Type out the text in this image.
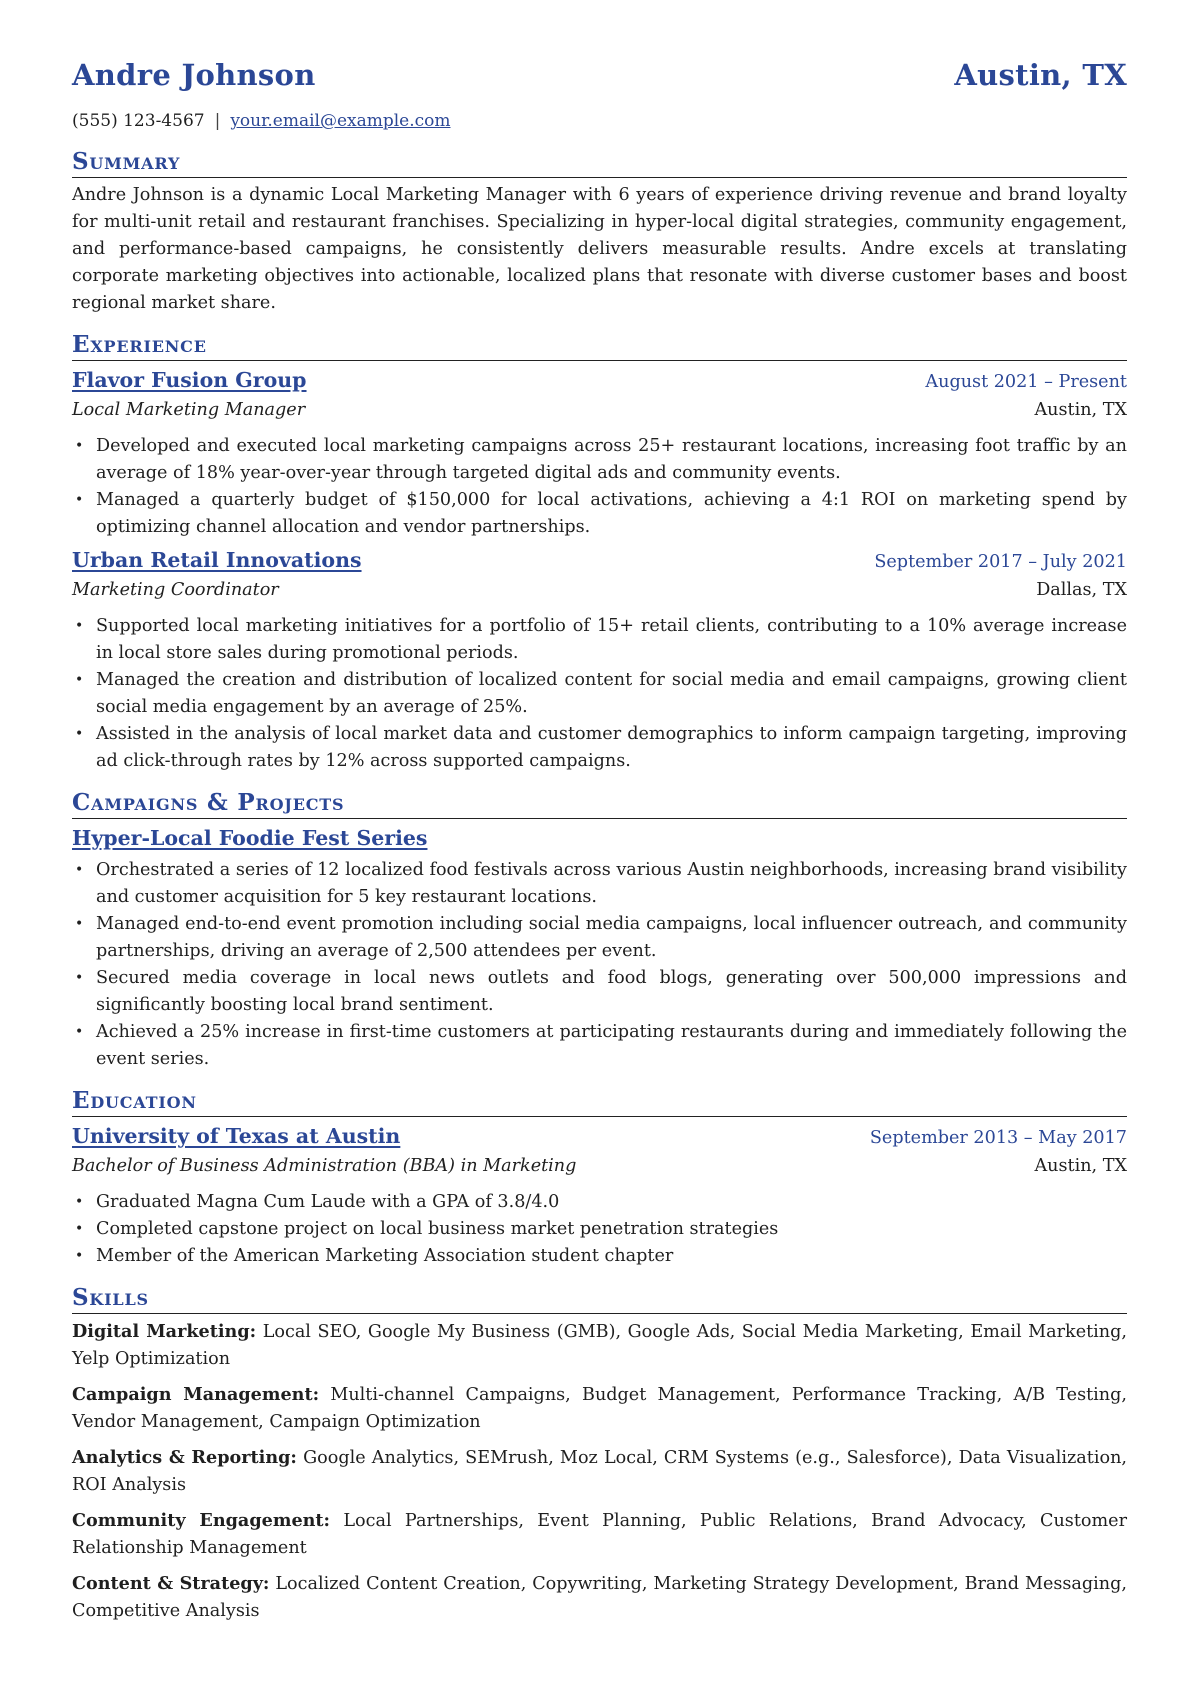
Andre Johnson	Austin, TX
(555) 123-4567 | your.email@example.com
Summary

Andre Johnson is a dynamic Local Marketing Manager with 6 years of experience driving revenue and brand loyalty for multi-unit retail and restaurant franchises. Specializing in hyper-local digital strategies, community engagement, and performance-based campaigns, he consistently delivers measurable results. Andre excels at translating corporate marketing objectives into actionable, localized plans that resonate with diverse customer bases and boost regional market share.

Experience
Flavor Fusion Group	August 2021 – Present
Local Marketing Manager	Austin, TX
• Developed and executed local marketing campaigns across 25+ restaurant locations, increasing foot traffic by an average of 18% year-over-year through targeted digital ads and community events.
• Managed a quarterly budget of $150,000 for local activations, achieving a 4:1 ROI on marketing spend by optimizing channel allocation and vendor partnerships.
Urban Retail Innovations	September 2017 – July 2021
Marketing Coordinator	Dallas, TX
• Supported local marketing initiatives for a portfolio of 15+ retail clients, contributing to a 10% average increase in local store sales during promotional periods.
• Managed the creation and distribution of localized content for social media and email campaigns, growing client social media engagement by an average of 25%.
• Assisted in the analysis of local market data and customer demographics to inform campaign targeting, improving ad click-through rates by 12% across supported campaigns.
Campaigns & Projects
Hyper-Local Foodie Fest Series
• Orchestrated a series of 12 localized food festivals across various Austin neighborhoods, increasing brand visibility and customer acquisition for 5 key restaurant locations.
• Managed end-to-end event promotion including social media campaigns, local influencer outreach, and community partnerships, driving an average of 2,500 attendees per event.
• Secured media coverage in local news outlets and food blogs, generating over 500,000 impressions and significantly boosting local brand sentiment.
• Achieved a 25% increase in first-time customers at participating restaurants during and immediately following the event series.
Education
University of Texas at Austin	September 2013 – May 2017
Bachelor of Business Administration (BBA) in Marketing	Austin, TX
• Graduated Magna Cum Laude with a GPA of 3.8/4.0
• Completed capstone project on local business market penetration strategies
• Member of the American Marketing Association student chapter
Skills
Digital Marketing: Local SEO, Google My Business (GMB), Google Ads, Social Media Marketing, Email Marketing, Yelp Optimization
Campaign Management: Multi-channel Campaigns, Budget Management, Performance Tracking, A/B Testing, Vendor Management, Campaign Optimization
Analytics & Reporting: Google Analytics, SEMrush, Moz Local, CRM Systems (e.g., Salesforce), Data Visualization, ROI Analysis
Community Engagement: Local Partnerships, Event Planning, Public Relations, Brand Advocacy, Customer Relationship Management
Content & Strategy: Localized Content Creation, Copywriting, Marketing Strategy Development, Brand Messaging, Competitive Analysis
